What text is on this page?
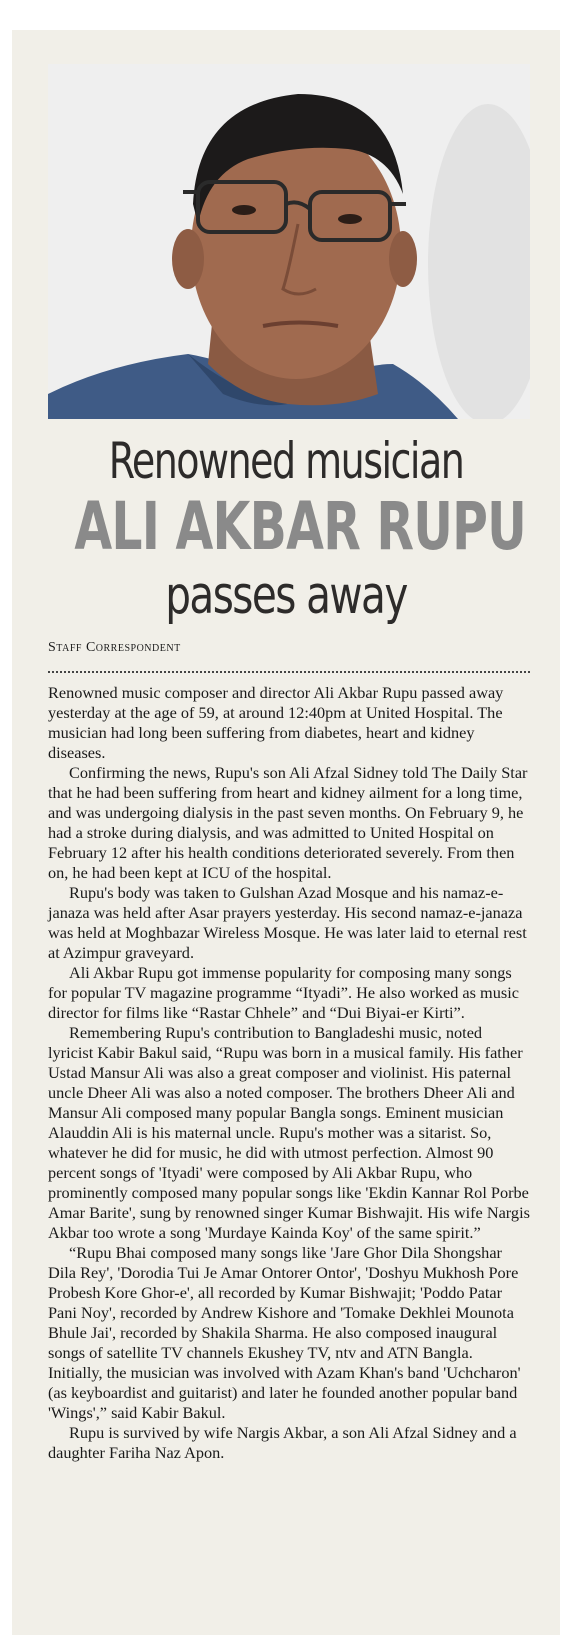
Renowned musician
ALI AKBAR RUPU
passes away
Staff Correspondent

Renowned music composer and director Ali Akbar Rupu passed away yesterday at the age of 59, at around 12:40pm at United Hospital. The musician had long been suffering from diabetes, heart and kidney diseases.

Confirming the news, Rupu's son Ali Afzal Sidney told The Daily Star that he had been suffering from heart and kidney ailment for a long time, and was undergoing dialysis in the past seven months. On February 9, he had a stroke during dialysis, and was admitted to United Hospital on February 12 after his health conditions deteriorated severely. From then on, he had been kept at ICU of the hospital.

Rupu's body was taken to Gulshan Azad Mosque and his namaz-e-janaza was held after Asar prayers yesterday. His second namaz-e-janaza was held at Moghbazar Wireless Mosque. He was later laid to eternal rest at Azimpur graveyard.

Ali Akbar Rupu got immense popularity for composing many songs for popular TV magazine programme “Ityadi”. He also worked as music director for films like “Rastar Chhele” and “Dui Biyai-er Kirti”.

Remembering Rupu's contribution to Bangladeshi music, noted lyricist Kabir Bakul said, “Rupu was born in a musical family. His father Ustad Mansur Ali was also a great composer and violinist. His paternal uncle Dheer Ali was also a noted composer. The brothers Dheer Ali and Mansur Ali composed many popular Bangla songs. Eminent musician Alauddin Ali is his maternal uncle. Rupu's mother was a sitarist. So, whatever he did for music, he did with utmost perfection. Almost 90 percent songs of 'Ityadi' were composed by Ali Akbar Rupu, who prominently composed many popular songs like 'Ekdin Kannar Rol Porbe Amar Barite', sung by renowned singer Kumar Bishwajit. His wife Nargis Akbar too wrote a song 'Murdaye Kainda Koy' of the same spirit.”

“Rupu Bhai composed many songs like 'Jare Ghor Dila Shongshar Dila Rey', 'Dorodia Tui Je Amar Ontorer Ontor', 'Doshyu Mukhosh Pore Probesh Kore Ghor-e', all recorded by Kumar Bishwajit; 'Poddo Patar Pani Noy', recorded by Andrew Kishore and 'Tomake Dekhlei Mounota Bhule Jai', recorded by Shakila Sharma. He also composed inaugural songs of satellite TV channels Ekushey TV, ntv and ATN Bangla. Initially, the musician was involved with Azam Khan's band 'Uchcharon' (as keyboardist and guitarist) and later he founded another popular band 'Wings',” said Kabir Bakul.

Rupu is survived by wife Nargis Akbar, a son Ali Afzal Sidney and a daughter Fariha Naz Apon.
